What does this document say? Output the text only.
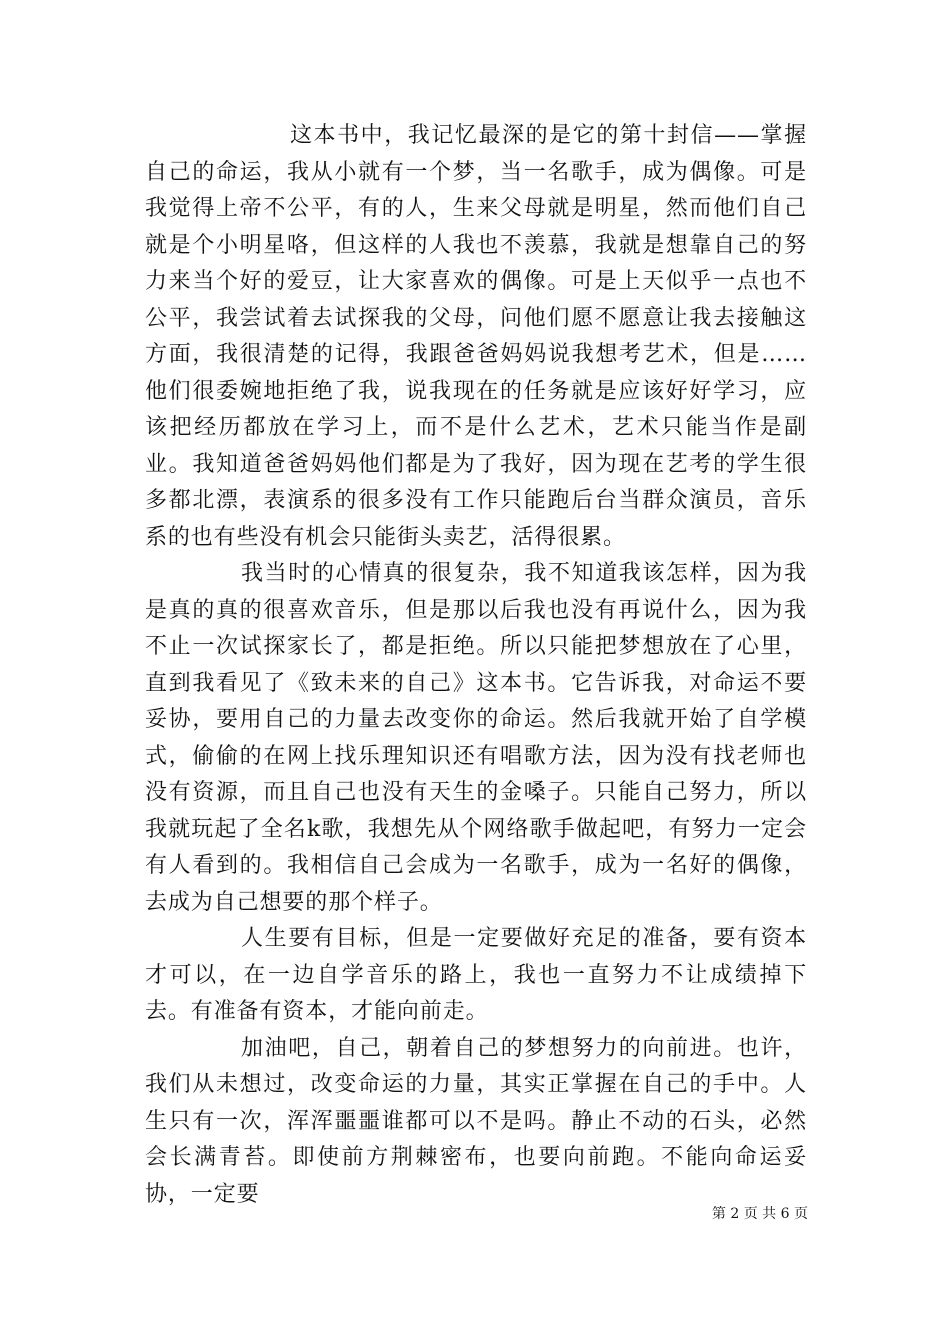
这本书中，我记忆最深的是它的第十封信——掌握自己的命运，我从小就有一个梦，当一名歌手，成为偶像。可是我觉得上帝不公平，有的人，生来父母就是明星，然而他们自己就是个小明星咯，但这样的人我也不羡慕，我就是想靠自己的努力来当个好的爱豆，让大家喜欢的偶像。可是上天似乎一点也不公平，我尝试着去试探我的父母，问他们愿不愿意让我去接触这方面，我很清楚的记得，我跟爸爸妈妈说我想考艺术，但是……他们很委婉地拒绝了我，说我现在的任务就是应该好好学习，应该把经历都放在学习上，而不是什么艺术，艺术只能当作是副业。我知道爸爸妈妈他们都是为了我好，因为现在艺考的学生很多都北漂，表演系的很多没有工作只能跑后台当群众演员，音乐系的也有些没有机会只能街头卖艺，活得很累。

我当时的心情真的很复杂，我不知道我该怎样，因为我是真的真的很喜欢音乐，但是那以后我也没有再说什么，因为我不止一次试探家长了，都是拒绝。所以只能把梦想放在了心里，直到我看见了《致未来的自己》这本书。它告诉我，对命运不要妥协，要用自己的力量去改变你的命运。然后我就开始了自学模式，偷偷的在网上找乐理知识还有唱歌方法，因为没有找老师也没有资源，而且自己也没有天生的金嗓子。只能自己努力，所以我就玩起了全名k歌，我想先从个网络歌手做起吧，有努力一定会有人看到的。我相信自己会成为一名歌手，成为一名好的偶像，去成为自己想要的那个样子。

人生要有目标，但是一定要做好充足的准备，要有资本才可以，在一边自学音乐的路上，我也一直努力不让成绩掉下去。有准备有资本，才能向前走。

加油吧，自己，朝着自己的梦想努力的向前进。也许，我们从未想过，改变命运的力量，其实正掌握在自己的手中。人生只有一次，浑浑噩噩谁都可以不是吗。静止不动的石头，必然会长满青苔。即使前方荆棘密布，也要向前跑。不能向命运妥协，一定要

第 2 页 共 6 页
